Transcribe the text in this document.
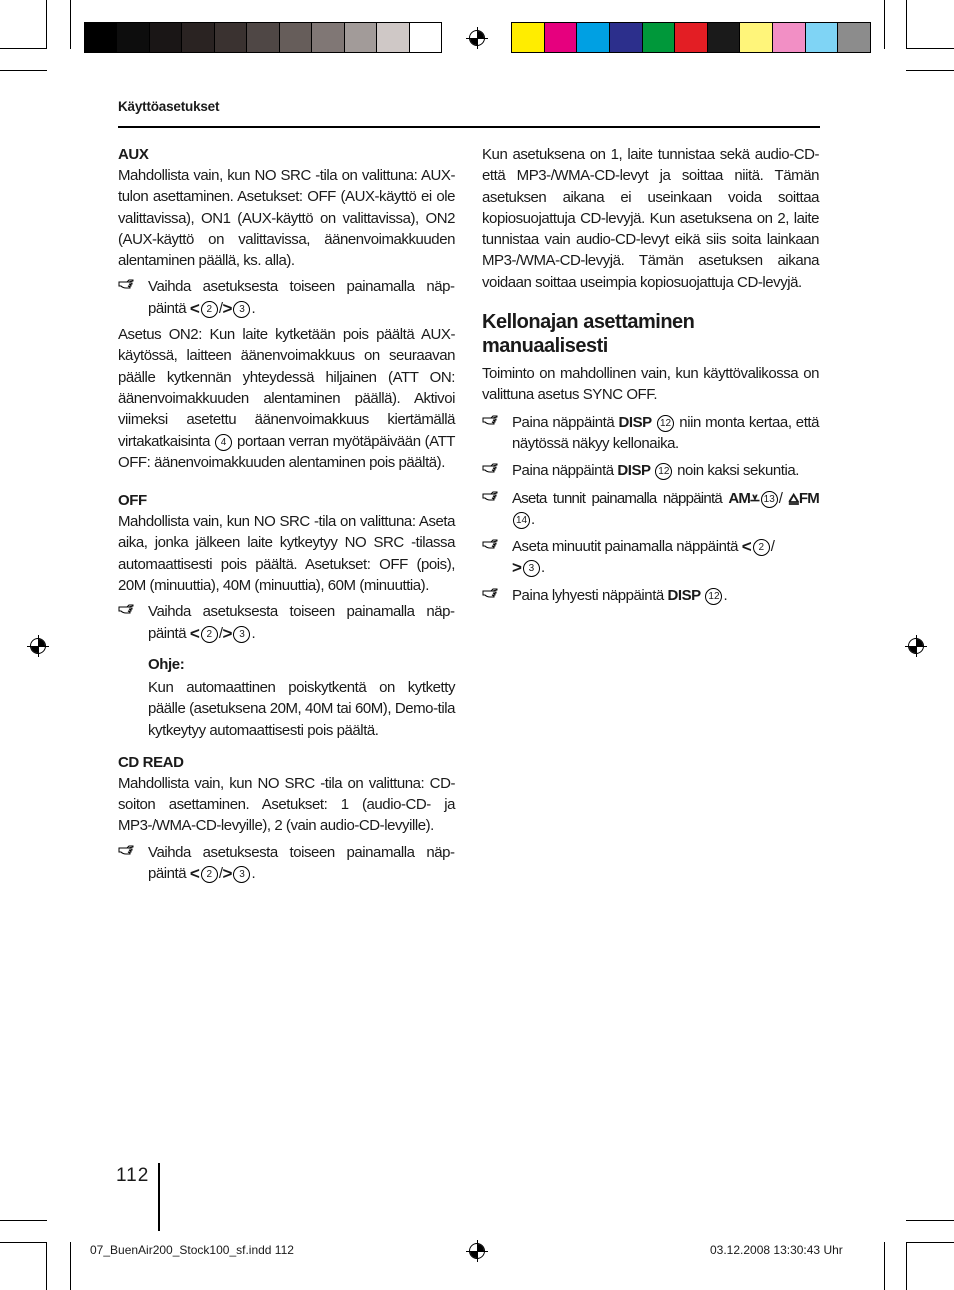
Käyttöasetukset
AUX

Mahdollista vain, kun NO SRC -tila on valittuna: AUX-tulon asettaminen. Asetukset: OFF (AUX-käyttö ei ole valittavissa), ON1 (AUX-käyttö on valittavissa), ON2 (AUX-käyttö on valittavissa, äänenvoimakkuuden alentaminen päällä, ks. alla).

Vaihda asetuksesta toiseen painamalla näppäintä < 2 /> 3 .

Asetus ON2: Kun laite kytketään pois päältä AUX-käytössä, laitteen äänenvoimakkuus on seuraavan päälle kytkennän yhteydessä hiljainen (ATT ON: äänenvoimakkuuden alentaminen päällä). Aktivoi viimeksi asetettu äänenvoimakkuus kiertämällä virtakatkaisinta 4 portaan verran myötäpäivään (ATT OFF: äänenvoimakkuuden alentaminen pois päältä).

OFF

Mahdollista vain, kun NO SRC -tila on valittuna: Aseta aika, jonka jälkeen laite kytkeytyy NO SRC -tilassa automaattisesti pois päältä. Asetukset: OFF (pois), 20M (minuuttia), 40M (minuuttia), 60M (minuuttia).

Vaihda asetuksesta toiseen painamalla näppäintä < 2 /> 3 .
Ohje:

Kun automaattinen poiskytkentä on kytketty päälle (asetuksena 20M, 40M tai 60M), Demo-tila kytkeytyy automaattisesti pois päältä.

CD READ

Mahdollista vain, kun NO SRC -tila on valittuna: CD-soiton asettaminen. Asetukset: 1 (audio-CD- ja MP3-/WMA-CD-levyille), 2 (vain audio-CD-levyille).

Vaihda asetuksesta toiseen painamalla näppäintä < 2 /> 3 .

Kun asetuksena on 1, laite tunnistaa sekä audio-CD- että MP3-/WMA-CD-levyt ja soittaa niitä. Tämän asetuksen aikana ei useinkaan voida soittaa kopiosuojattuja CD-levyjä. Kun asetuksena on 2, laite tunnistaa vain audio-CD-levyt eikä siis soita lainkaan MP3-/WMA-CD-levyjä. Tämän asetuksen aikana voidaan soittaa useimpia kopiosuojattuja CD-levyjä.

Kellonajan asettaminen manuaalisesti

Toiminto on mahdollinen vain, kun käyttövalikossa on valittuna asetus SYNC OFF.

Paina näppäintä DISP 12 niin monta kertaa, että näytössä näkyy kellonaika.
Paina näppäintä DISP 12 noin kaksi sekuntia.
Aseta tunnit painamalla näppäintä AM⩡ 13 / ⩠FM 14 .
Aseta minuutit painamalla näppäintä < 2 /
> 3 .
Paina lyhyesti näppäintä DISP 12 .
112
07_BuenAir200_Stock100_sf.indd 112	03.12.2008 13:30:43 Uhr
